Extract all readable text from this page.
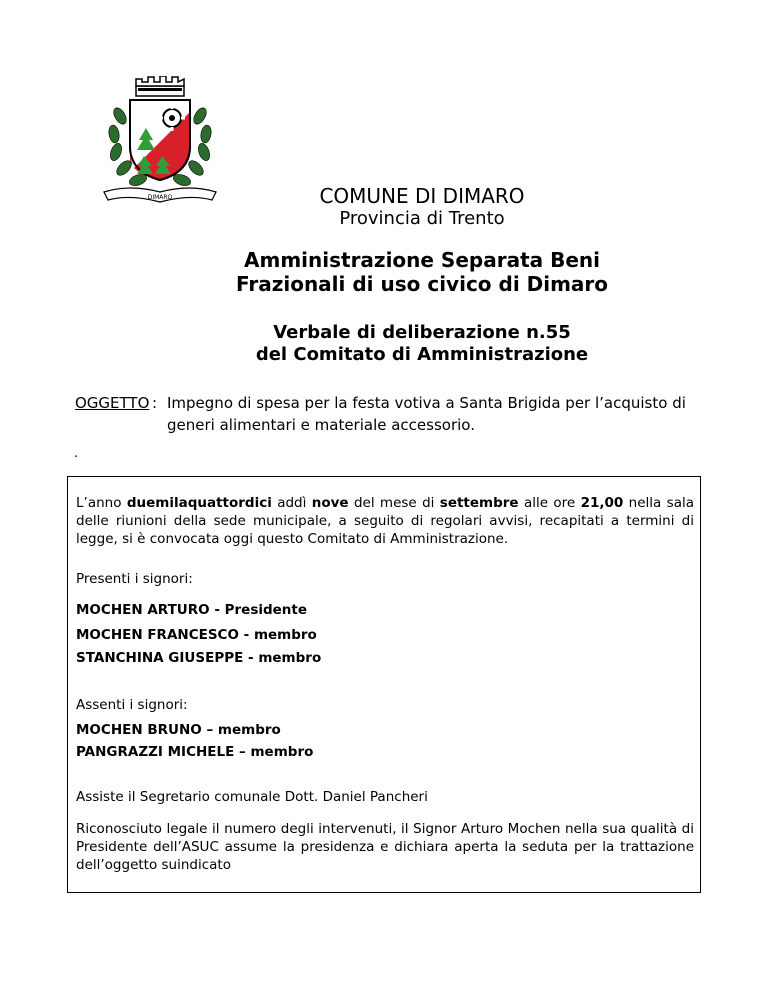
DIMARO	COMUNE DI DIMARO
Provincia di Trento
Amministrazione Separata Beni
Frazionali di uso civico di Dimaro
Verbale di deliberazione n.55
del Comitato di Amministrazione
OGGETTO : Impegno di spesa per la festa votiva a Santa Brigida per l’acquisto di generi alimentari e materiale accessorio.
.

L’anno duemilaquattordici addì nove del mese di settembre alle ore 21,00 nella sala delle riunioni della sede municipale, a seguito di regolari avvisi, recapitati a termini di legge, si è convocata oggi questo Comitato di Amministrazione.

Presenti i signori:

MOCHEN ARTURO - Presidente

MOCHEN FRANCESCO - membro

STANCHINA GIUSEPPE - membro

Assenti i signori:

MOCHEN BRUNO – membro

PANGRAZZI MICHELE – membro

Assiste il Segretario comunale Dott. Daniel Pancheri

Riconosciuto legale il numero degli intervenuti, il Signor Arturo Mochen nella sua qualità di Presidente dell’ASUC assume la presidenza e dichiara aperta la seduta per la trattazione dell’oggetto suindicato
